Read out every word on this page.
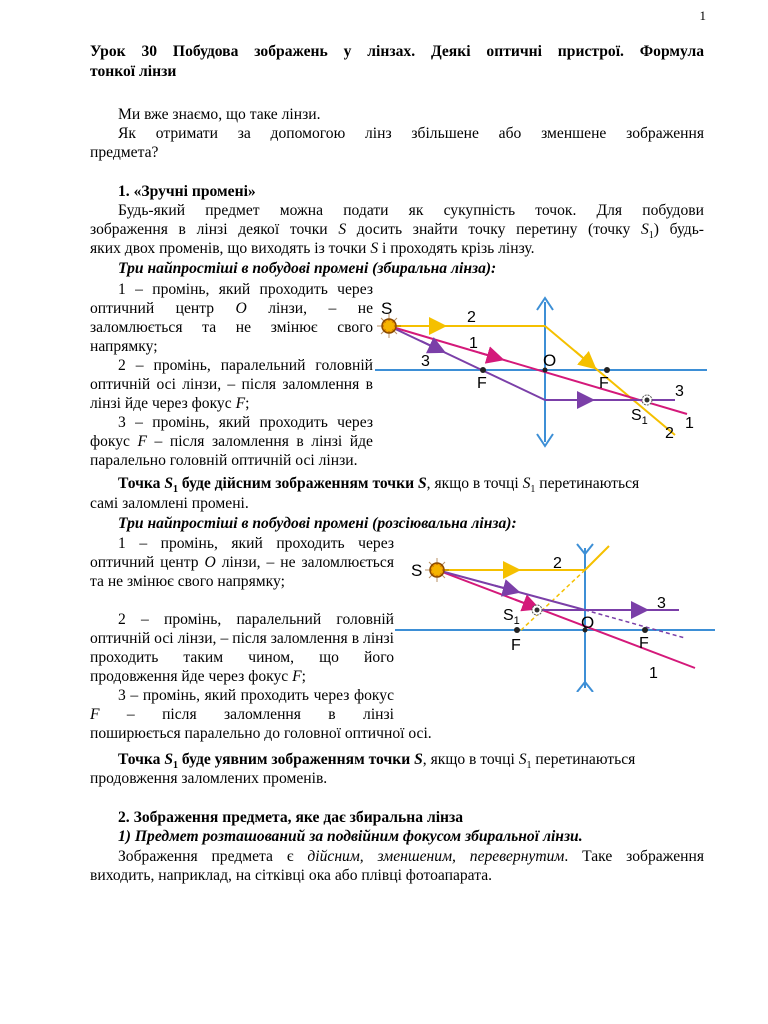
1
Урок 30 Побудова зображень у лінзах. Деякі оптичні пристрої. Формула
тонкої лінзи
Ми вже знаємо, що таке лінзи.
Як отримати за допомогою лінз збільшене або зменшене зображення
предмета?
1. «Зручні промені»
Будь-який предмет можна подати як сукупність точок. Для побудови
зображення в лінзі деякої точки S досить знайти точку перетину (точку $S_1$) будь-
яких двох променів, що виходять із точки S і проходять крізь лінзу.
Три найпростіші в побудові промені (збиральна лінза):
1 – промінь, який проходить через оптичний центр O лінзи, – не заломлюється та не змінює свого напрямку;
2 – промінь, паралельний головній оптичній осі лінзи, – після заломлення в лінзі йде через фокус F;
3 – промінь, який проходить через фокус F – після заломлення в лінзі йде паралельно головній оптичній осі лінзи.
S	2
1
3	O
F	F	3
$S_1$ 1
2
Точка $S_1$ буде дійсним зображенням точки S, якщо в точці $S_1$ перетинаються
самі заломлені промені.
Три найпростіші в побудові промені (розсіювальна лінза):
1 – промінь, який проходить через оптичний центр O лінзи, – не заломлюється та не змінює свого напрямку;
2 – промінь, паралельний головній оптичній осі лінзи, – після заломлення в лінзі проходить таким чином, що його продовження йде через фокус F;
3 – промінь, який проходить через фокус F – після заломлення в лінзі
поширюється паралельно до головної оптичної осі.
S	2
3
$S_1$	O
F	F
1
Точка $S_1$ буде уявним зображенням точки S, якщо в точці $S_1$ перетинаються
продовження заломлених променів.
2. Зображення предмета, яке дає збиральна лінза
1) Предмет розташований за подвійним фокусом збиральної лінзи.
Зображення предмета є дійсним, зменшеним, перевернутим. Таке зображення
виходить, наприклад, на сітківці ока або плівці фотоапарата.
